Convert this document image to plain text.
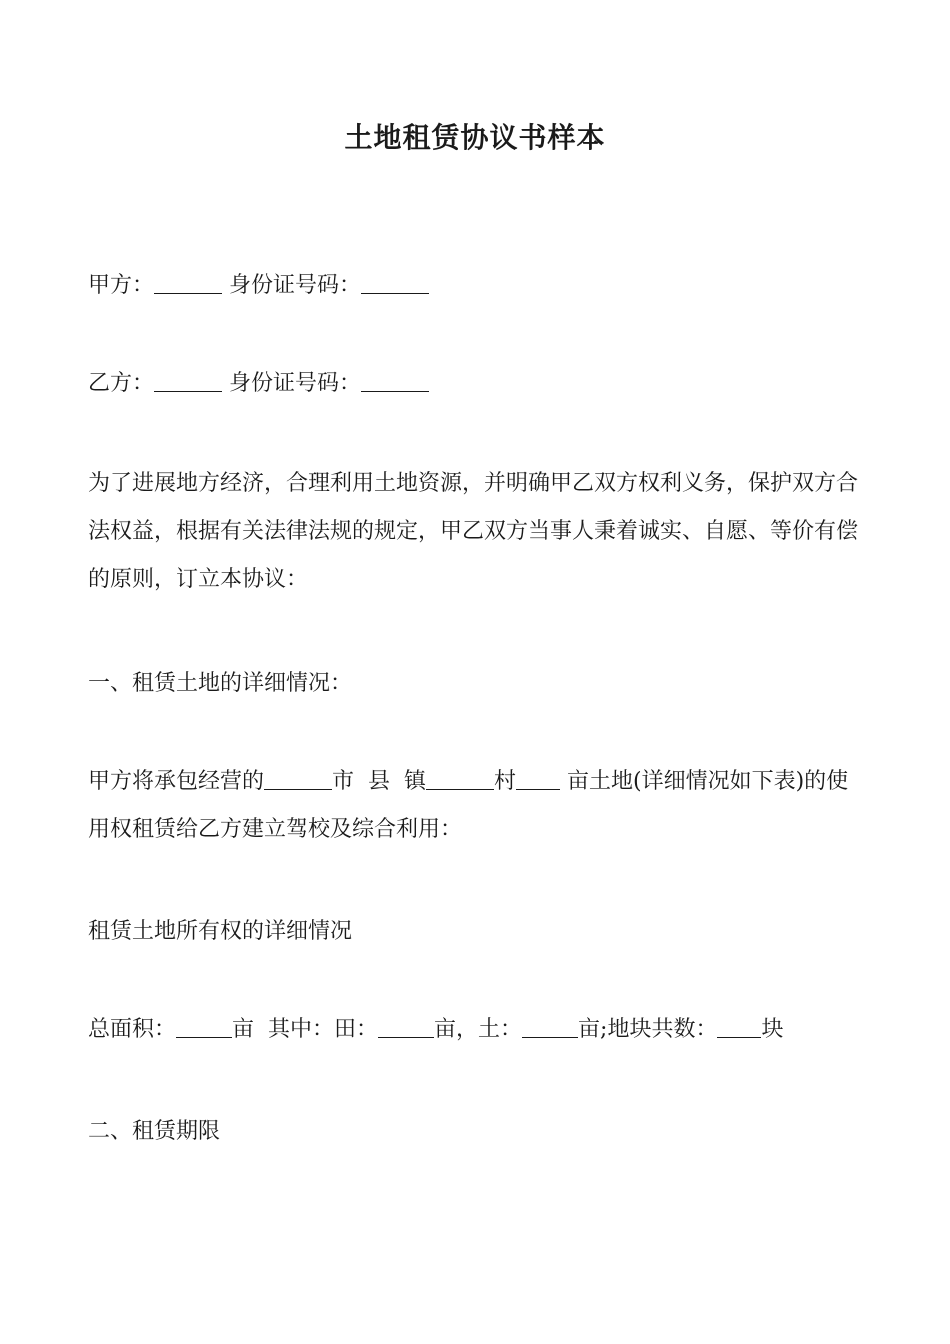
土地租赁协议书样本
甲方：	身份证号码：
乙方：	身份证号码：
为了进展地方经济，合理利用土地资源，并明确甲乙双方权利义务，保护双方合法权益，根据有关法律法规的规定，甲乙双方当事人秉着诚实、自愿、等价有偿的原则，订立本协议：
一、租赁土地的详细情况：
甲方将承包经营的	市  县  镇	村 亩土地(详细情况如下表)的使用权租赁给乙方建立驾校及综合利用：
租赁土地所有权的详细情况
总面积：	亩  其中：田：	亩，土：	亩;地块共数： 块
二、租赁期限
